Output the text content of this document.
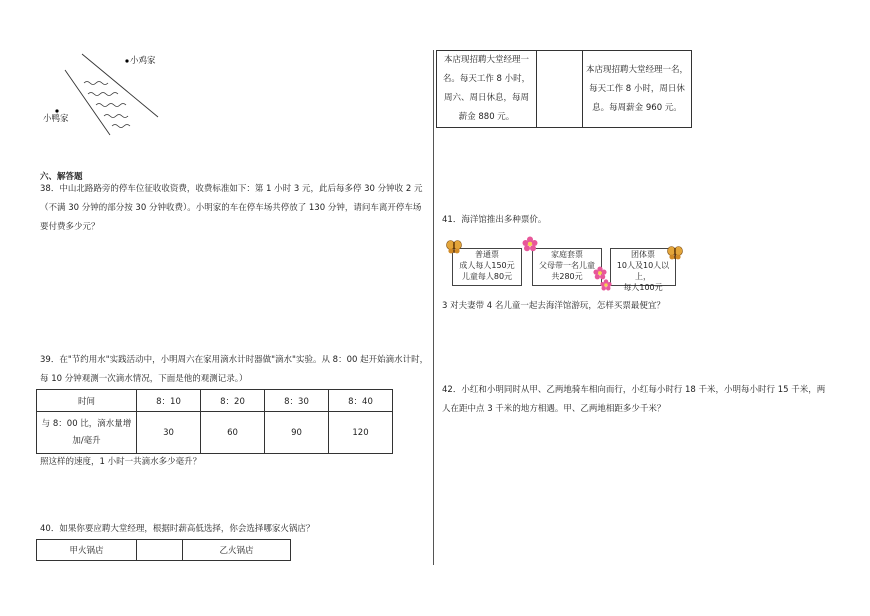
小鸡家
小鸭家
六、解答题
38．中山北路路旁的停车位征收收资费，收费标准如下：第 1 小时 3 元，此后每多停 30 分钟收 2 元
（不满 30 分钟的部分按 30 分钟收费）。小明家的车在停车场共停放了 130 分钟，请问车离开停车场
要付费多少元？
39．在"节约用水"实践活动中，小明周六在家用滴水计时器做"滴水"实验。从 8：00 起开始滴水计时，
每 10 分钟观测一次滴水情况，下面是他的观测记录。）
时间	8：10	8：20	8：30	8：40

与 8：00 比，滴水量增
加/毫升	30	60	90	120
照这样的速度，1 小时一共滴水多少毫升？
40．如果你要应聘大堂经理，根据时薪高低选择，你会选择哪家火锅店？
甲火锅店		乙火锅店
本店现招聘大堂经理一
名。每天工作 8 小时，
周六、周日休息，每周
薪金 880 元。

本店现招聘大堂经理一名，
每天工作 8 小时，周日休
息。每周薪金 960 元。
41．海洋馆推出多种票价。
普通票
成人每人150元
儿童每人80元
家庭套票
父母带一名儿童
共280元
团体票
10人及10人以上，
每人100元
3 对夫妻带 4 名儿童一起去海洋馆游玩，怎样买票最便宜？
42．小红和小明同时从甲、乙两地骑车相向而行，小红每小时行 18 千米，小明每小时行 15 千米，两
人在距中点 3 千米的地方相遇。甲、乙两地相距多少千米？
